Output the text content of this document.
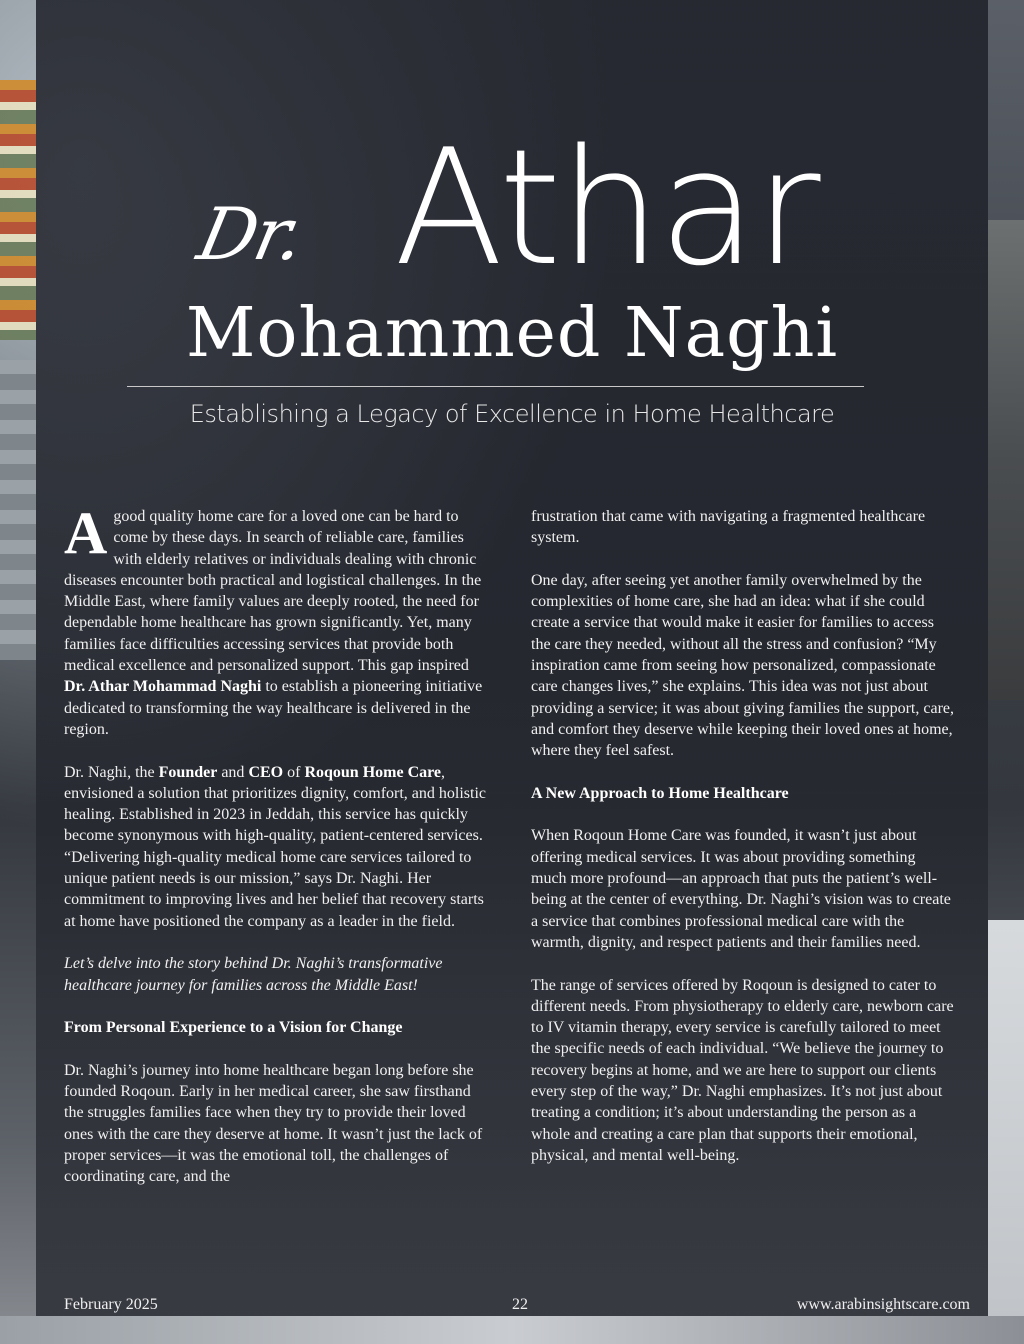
Dr. Athar
Mohammed Naghi
Establishing a Legacy of Excellence in Home Healthcare

A good quality home care for a loved one can be hard to come by these days. In search of reliable care, families with elderly relatives or individuals dealing with chronic diseases encounter both practical and logistical challenges. In the Middle East, where family values are deeply rooted, the need for dependable home healthcare has grown significantly. Yet, many families face difficulties accessing services that provide both medical excellence and personalized support. This gap inspired Dr. Athar Mohammad Naghi to establish a pioneering initiative dedicated to transforming the way healthcare is delivered in the region.

Dr. Naghi, the Founder and CEO of Roqoun Home Care, envisioned a solution that prioritizes dignity, comfort, and holistic healing. Established in 2023 in Jeddah, this service has quickly become synonymous with high-quality, patient-centered services. “Delivering high-quality medical home care services tailored to unique patient needs is our mission,” says Dr. Naghi. Her commitment to improving lives and her belief that recovery starts at home have positioned the company as a leader in the field.

Let’s delve into the story behind Dr. Naghi’s transformative healthcare journey for families across the Middle East!

From Personal Experience to a Vision for Change

Dr. Naghi’s journey into home healthcare began long before she founded Roqoun. Early in her medical career, she saw firsthand the struggles families face when they try to provide their loved ones with the care they deserve at home. It wasn’t just the lack of proper services—it was the emotional toll, the challenges of coordinating care, and the

frustration that came with navigating a fragmented healthcare system.

One day, after seeing yet another family overwhelmed by the complexities of home care, she had an idea: what if she could create a service that would make it easier for families to access the care they needed, without all the stress and confusion? “My inspiration came from seeing how personalized, compassionate care changes lives,” she explains. This idea was not just about providing a service; it was about giving families the support, care, and comfort they deserve while keeping their loved ones at home, where they feel safest.

A New Approach to Home Healthcare

When Roqoun Home Care was founded, it wasn’t just about offering medical services. It was about providing something much more profound—an approach that puts the patient’s well-being at the center of everything. Dr. Naghi’s vision was to create a service that combines professional medical care with the warmth, dignity, and respect patients and their families need.

The range of services offered by Roqoun is designed to cater to different needs. From physiotherapy to elderly care, newborn care to IV vitamin therapy, every service is carefully tailored to meet the specific needs of each individual. “We believe the journey to recovery begins at home, and we are here to support our clients every step of the way,” Dr. Naghi emphasizes. It’s not just about treating a condition; it’s about understanding the person as a whole and creating a care plan that supports their emotional, physical, and mental well-being.

February 2025	22	www.arabinsightscare.com
